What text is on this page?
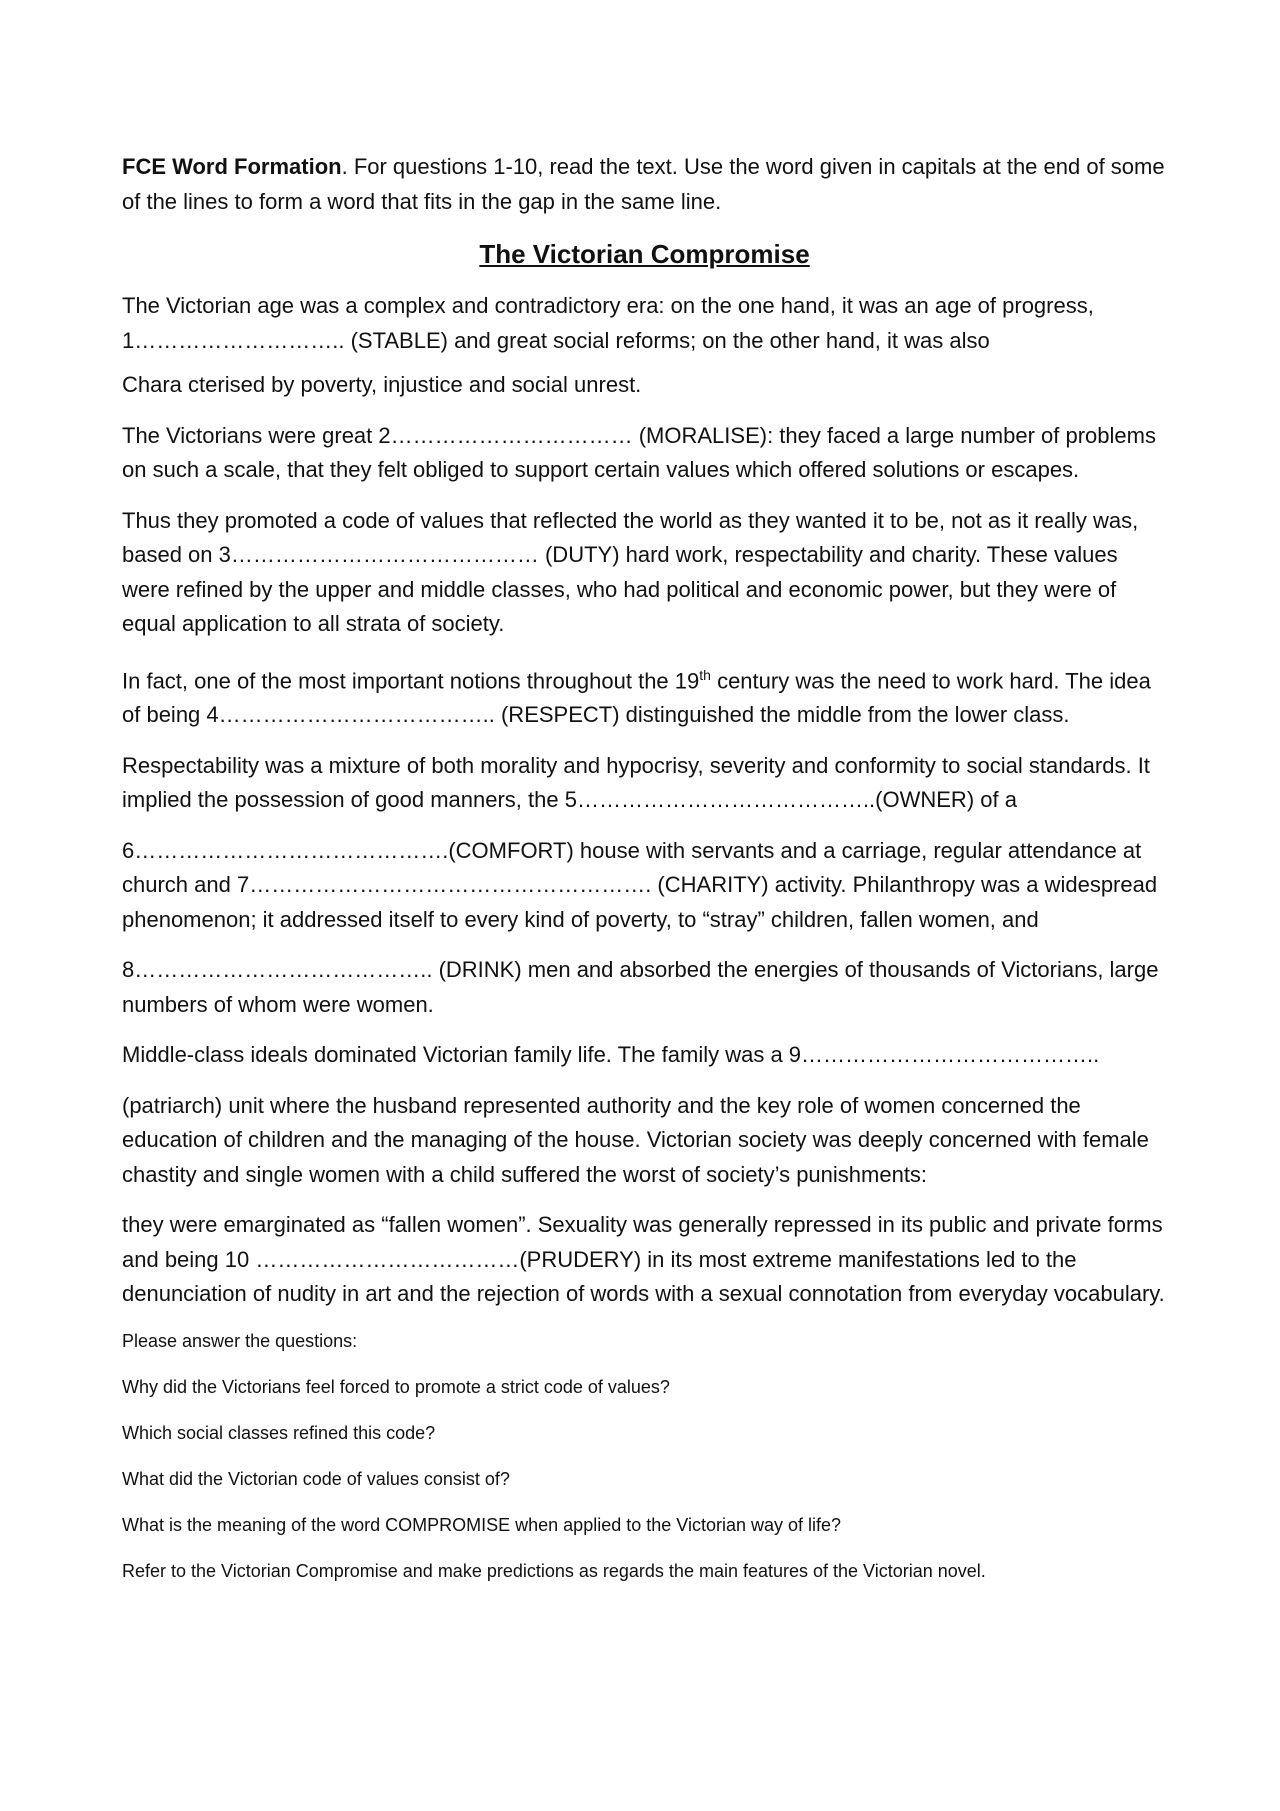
FCE Word Formation. For questions 1-10, read the text. Use the word given in capitals at the end of some of the lines to form a word that fits in the gap in the same line.

The Victorian Compromise

The Victorian age was a complex and contradictory era: on the one hand, it was an age of progress, 1……………………….. (STABLE) and great social reforms; on the other hand, it was also

Chara cterised by poverty, injustice and social unrest.

The Victorians were great 2…………………………… (MORALISE): they faced a large number of problems on such a scale, that they felt obliged to support certain values which offered solutions or escapes.

Thus they promoted a code of values that reflected the world as they wanted it to be, not as it really was, based on 3…………………………………… (DUTY) hard work, respectability and charity. These values were refined by the upper and middle classes, who had political and economic power, but they were of equal application to all strata of society.

In fact, one of the most important notions throughout the 19th century was the need to work hard. The idea of being 4……………………………….. (RESPECT) distinguished the middle from the lower class.

Respectability was a mixture of both morality and hypocrisy, severity and conformity to social standards. It implied the possession of good manners, the 5…………………………………..(OWNER) of a

6…………………………………….(COMFORT) house with servants and a carriage, regular attendance at church and 7………………………………………………. (CHARITY) activity. Philanthropy was a widespread phenomenon; it addressed itself to every kind of poverty, to “stray” children, fallen women, and

8………………………………….. (DRINK) men and absorbed the energies of thousands of Victorians, large numbers of whom were women.

Middle-class ideals dominated Victorian family life. The family was a 9…………………………………..

(patriarch) unit where the husband represented authority and the key role of women concerned the education of children and the managing of the house. Victorian society was deeply concerned with female chastity and single women with a child suffered the worst of society’s punishments:

they were emarginated as “fallen women”. Sexuality was generally repressed in its public and private forms and being 10 ………………………………(PRUDERY) in its most extreme manifestations led to the denunciation of nudity in art and the rejection of words with a sexual connotation from everyday vocabulary.

Please answer the questions:

Why did the Victorians feel forced to promote a strict code of values?

Which social classes refined this code?

What did the Victorian code of values consist of?

What is the meaning of the word COMPROMISE when applied to the Victorian way of life?

Refer to the Victorian Compromise and make predictions as regards the main features of the Victorian novel.
